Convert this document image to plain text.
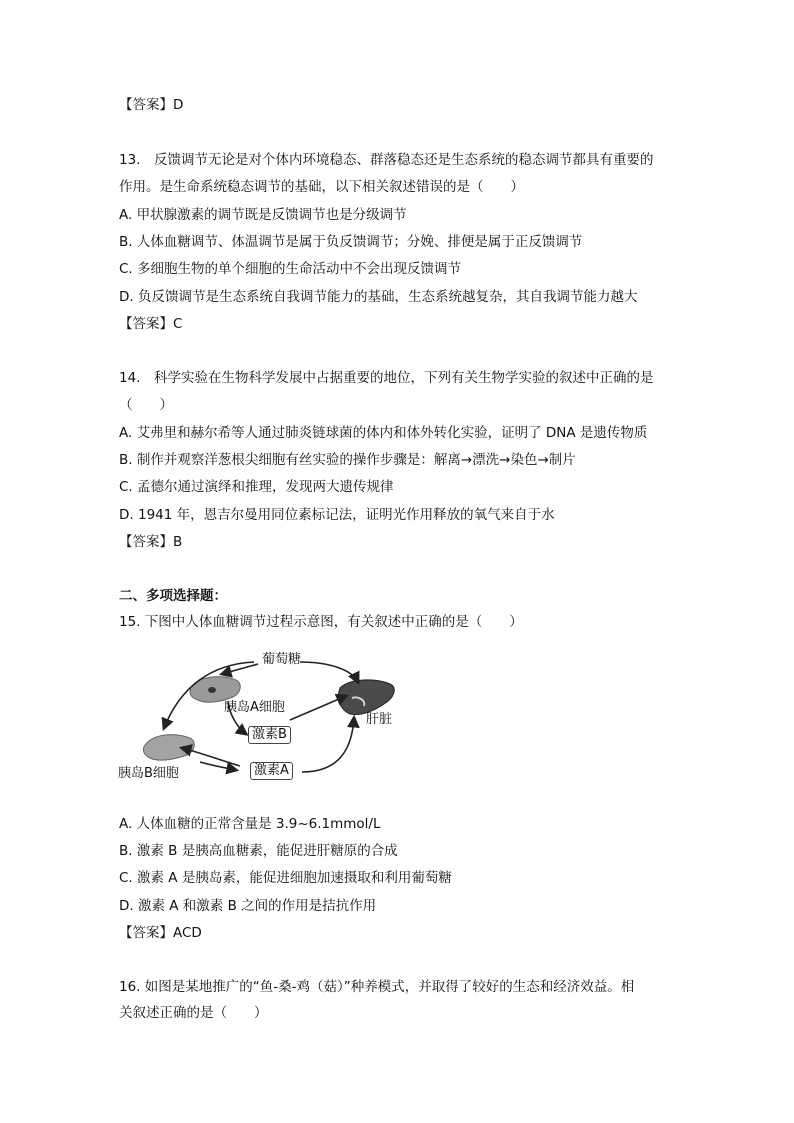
【答案】D
13.　反馈调节无论是对个体内环境稳态、群落稳态还是生态系统的稳态调节都具有重要的
作用。是生命系统稳态调节的基础，以下相关叙述错误的是（　　）
A. 甲状腺激素的调节既是反馈调节也是分级调节
B. 人体血糖调节、体温调节是属于负反馈调节；分娩、排便是属于正反馈调节
C. 多细胞生物的单个细胞的生命活动中不会出现反馈调节
D. 负反馈调节是生态系统自我调节能力的基础，生态系统越复杂，其自我调节能力越大
【答案】C
14.　科学实验在生物科学发展中占据重要的地位，下列有关生物学实验的叙述中正确的是
（　　）
A. 艾弗里和赫尔希等人通过肺炎链球菌的体内和体外转化实验，证明了 DNA 是遗传物质
B. 制作并观察洋葱根尖细胞有丝实验的操作步骤是：解离→漂洗→染色→制片
C. 孟德尔通过演绎和推理，发现两大遗传规律
D. 1941 年，恩吉尔曼用同位素标记法，证明光作用释放的氧气来自于水
【答案】B
二、多项选择题：
15. 下图中人体血糖调节过程示意图，有关叙述中正确的是（　　）
葡萄糖
胰岛A细胞
肝脏
激素B
胰岛B细胞	激素A
A. 人体血糖的正常含量是 3.9~6.1mmol/L
B. 激素 B 是胰高血糖素，能促进肝糖原的合成
C. 激素 A 是胰岛素，能促进细胞加速摄取和利用葡萄糖
D. 激素 A 和激素 B 之间的作用是拮抗作用
【答案】ACD
16. 如图是某地推广的“鱼-桑-鸡（菇）”种养模式，并取得了较好的生态和经济效益。相
关叙述正确的是（　　）
